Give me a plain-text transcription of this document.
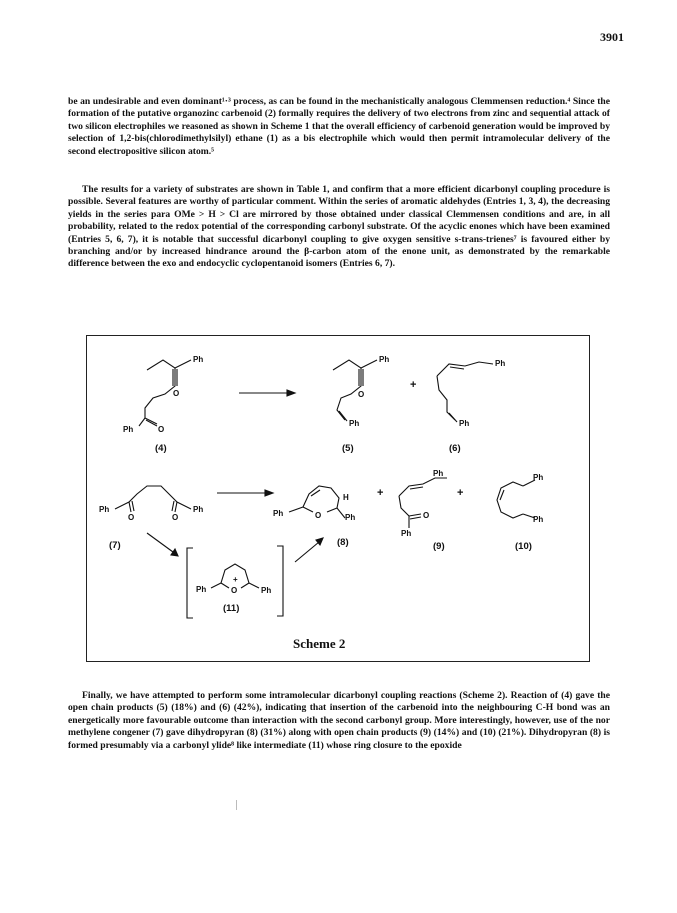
3901

be an undesirable and even dominant¹·³ process, as can be found in the mechanistically analogous Clemmensen reduction.⁴ Since the formation of the putative organozinc carbenoid (2) formally requires the delivery of two electrons from zinc and sequential attack of two silicon electrophiles we reasoned as shown in Scheme 1 that the overall efficiency of carbenoid generation would be improved by selection of 1,2-bis(chlorodimethylsilyl) ethane (1) as a bis electrophile which would then permit intramolecular delivery of the second electropositive silicon atom.⁵

The results for a variety of substrates are shown in Table 1, and confirm that a more efficient dicarbonyl coupling procedure is possible. Several features are worthy of particular comment. Within the series of aromatic aldehydes (Entries 1, 3, 4), the decreasing yields in the series para OMe > H > Cl are mirrored by those obtained under classical Clemmensen conditions and are, in all probability, related to the redox potential of the corresponding carbonyl substrate. Of the acyclic enones which have been examined (Entries 5, 6, 7), it is notable that successful dicarbonyl coupling to give oxygen sensitive s-trans-trienes⁷ is favoured either by branching and/or by increased hindrance around the β-carbon atom of the enone unit, as demonstrated by the remarkable difference between the exo and endocyclic cyclopentanoid isomers (Entries 6, 7).

Ph
O
Ph	O
(4)
Ph
O
Ph
(5)
+
Ph
Ph
(6)
Ph
O	O
Ph
(7)
Ph	O
H
Ph
(8)
+
Ph
O
Ph
(9)
+
Ph
Ph
(10)
Ph	O
+
Ph
(11)
Scheme 2

Finally, we have attempted to perform some intramolecular dicarbonyl coupling reactions (Scheme 2). Reaction of (4) gave the open chain products (5) (18%) and (6) (42%), indicating that insertion of the carbenoid into the neighbouring C-H bond was an energetically more favourable outcome than interaction with the second carbonyl group. More interestingly, however, use of the nor methylene congener (7) gave dihydropyran (8) (31%) along with open chain products (9) (14%) and (10) (21%). Dihydropyran (8) is formed presumably via a carbonyl ylide⁸ like intermediate (11) whose ring closure to the epoxide
